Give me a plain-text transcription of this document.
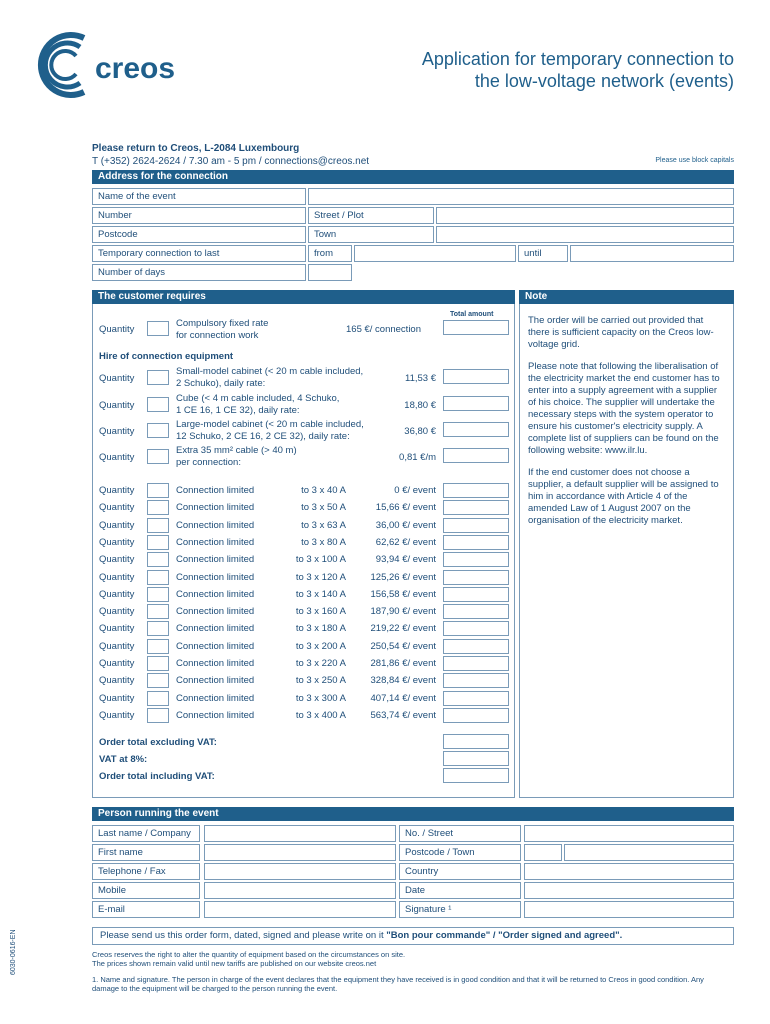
creos	Application for temporary connection to
the low-voltage network (events)
Please return to Creos, L-2084 Luxembourg
T (+352) 2624-2624 / 7.30 am - 5 pm / connections@creos.net	Please use block capitals
Address for the connection
Name of the event
Number	Street / Plot
Postcode	Town
Temporary connection to last	from	until
Number of days
The customer requires
Total amount
Quantity
Compulsory fixed rate
for connection work
165 €/ connection
Hire of connection equipment
Quantity
Small-model cabinet (< 20 m cable included,
2 Schuko), daily rate:	11,53 €
Quantity
Cube (< 4 m cable included, 4 Schuko,
1 CE 16, 1 CE 32), daily rate:	18,80 €
Quantity
Large-model cabinet (< 20 m cable included,
12 Schuko, 2 CE 16, 2 CE 32), daily rate:	36,80 €
Quantity
Extra 35 mm² cable (> 40 m)
per connection:	0,81 €/m
Quantity	Connection limited	to 3 x 40 A	0 €/ event
Quantity	Connection limited	to 3 x 50 A	15,66 €/ event
Quantity	Connection limited	to 3 x 63 A	36,00 €/ event
Quantity	Connection limited	to 3 x 80 A	62,62 €/ event
Quantity	Connection limited	to 3 x 100 A	93,94 €/ event
Quantity	Connection limited	to 3 x 120 A	125,26 €/ event
Quantity	Connection limited	to 3 x 140 A	156,58 €/ event
Quantity	Connection limited	to 3 x 160 A	187,90 €/ event
Quantity	Connection limited	to 3 x 180 A	219,22 €/ event
Quantity	Connection limited	to 3 x 200 A	250,54 €/ event
Quantity	Connection limited	to 3 x 220 A	281,86 €/ event
Quantity	Connection limited	to 3 x 250 A	328,84 €/ event
Quantity	Connection limited	to 3 x 300 A	407,14 €/ event
Quantity	Connection limited	to 3 x 400 A	563,74 €/ event
Order total excluding VAT:
VAT at 8%:
Order total including VAT:
Note

The order will be carried out provided that there is sufficient capacity on the Creos low-voltage grid.

Please note that following the liberalisation of the electricity market the end customer has to enter into a supply agreement with a supplier of his choice. The supplier will undertake the necessary steps with the system operator to ensure his customer's electricity supply. A complete list of suppliers can be found on the following website: www.ilr.lu.

If the end customer does not choose a supplier, a default supplier will be assigned to him in accordance with Article 4 of the amended Law of 1 August 2007 on the organisation of the electricity market.

Person running the event
Last name / Company	No. / Street
First name	Postcode / Town
Telephone / Fax	Country
Mobile	Date
E-mail	Signature ¹
Please send us this order form, dated, signed and please write on it "Bon pour commande" / "Order signed and agreed".
Creos reserves the right to alter the quantity of equipment based on the circumstances on site.
The prices shown remain valid until new tariffs are published on our website creos.net
1. Name and signature. The person in charge of the event declares that the equipment they have received is in good condition and that it will be returned to Creos in good condition. Any damage to the equipment will be charged to the person running the event.
6030-0616-EN
